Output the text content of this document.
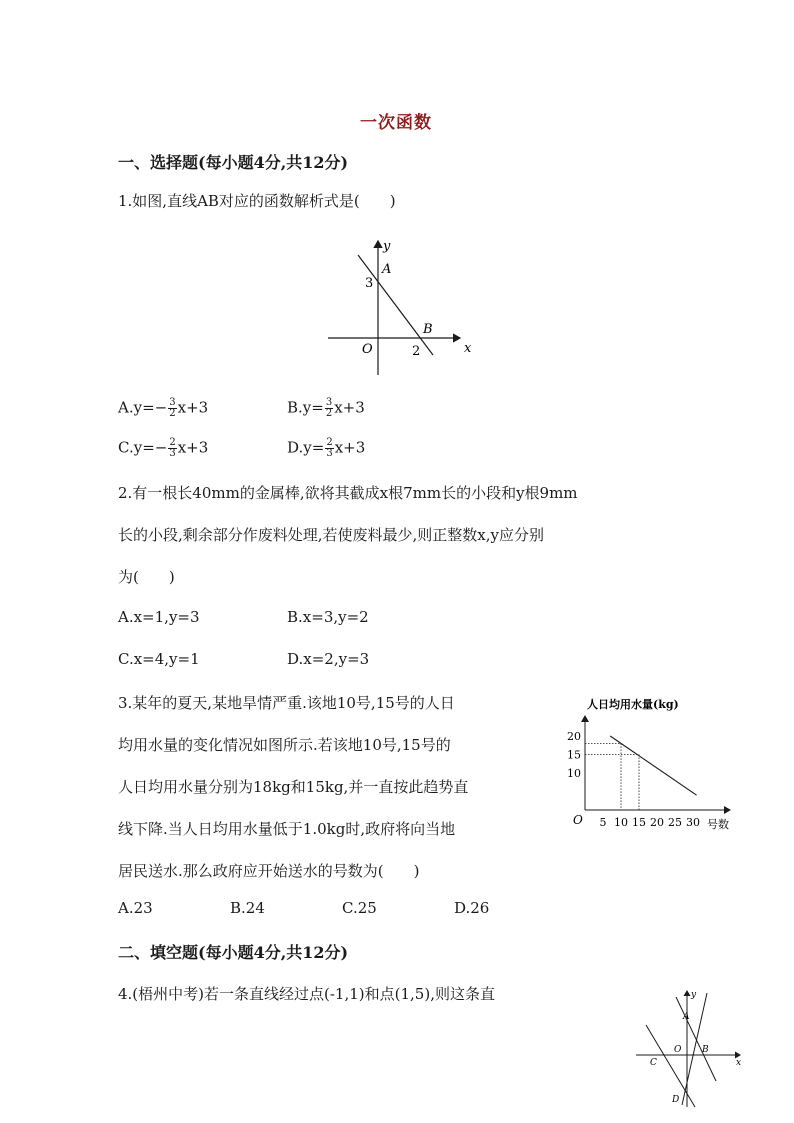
一次函数
一、选择题(每小题4分,共12分)
1.如图,直线AB对应的函数解析式是(　　)
y
x
A
B
O
3
2
$A.y=- \frac{3}{2} x+3$	$B.y= \frac{3}{2} x+3$
$C.y=- \frac{2}{3} x+3$	$D.y= \frac{2}{3} x+3$
2.有一根长40mm的金属棒,欲将其截成x根7mm长的小段和y根9mm
长的小段,剩余部分作废料处理,若使废料最少,则正整数x,y应分别
为(　　)
A.x=1,y=3	B.x=3,y=2
C.x=4,y=1	D.x=2,y=3
3.某年的夏天,某地旱情严重.该地10号,15号的人日
均用水量的变化情况如图所示.若该地10号,15号的
人日均用水量分别为18kg和15kg,并一直按此趋势直
线下降.当人日均用水量低于1.0kg时,政府将向当地
居民送水.那么政府应开始送水的号数为(　　)
人日均用水量(kg)
O	号数
5 10 15 20 25 30
10
15
20
A.23	B.24	C.25	D.26
二、填空题(每小题4分,共12分)
4.(梧州中考)若一条直线经过点(-1,1)和点(1,5),则这条直	y
x
A
B
C
D
O
